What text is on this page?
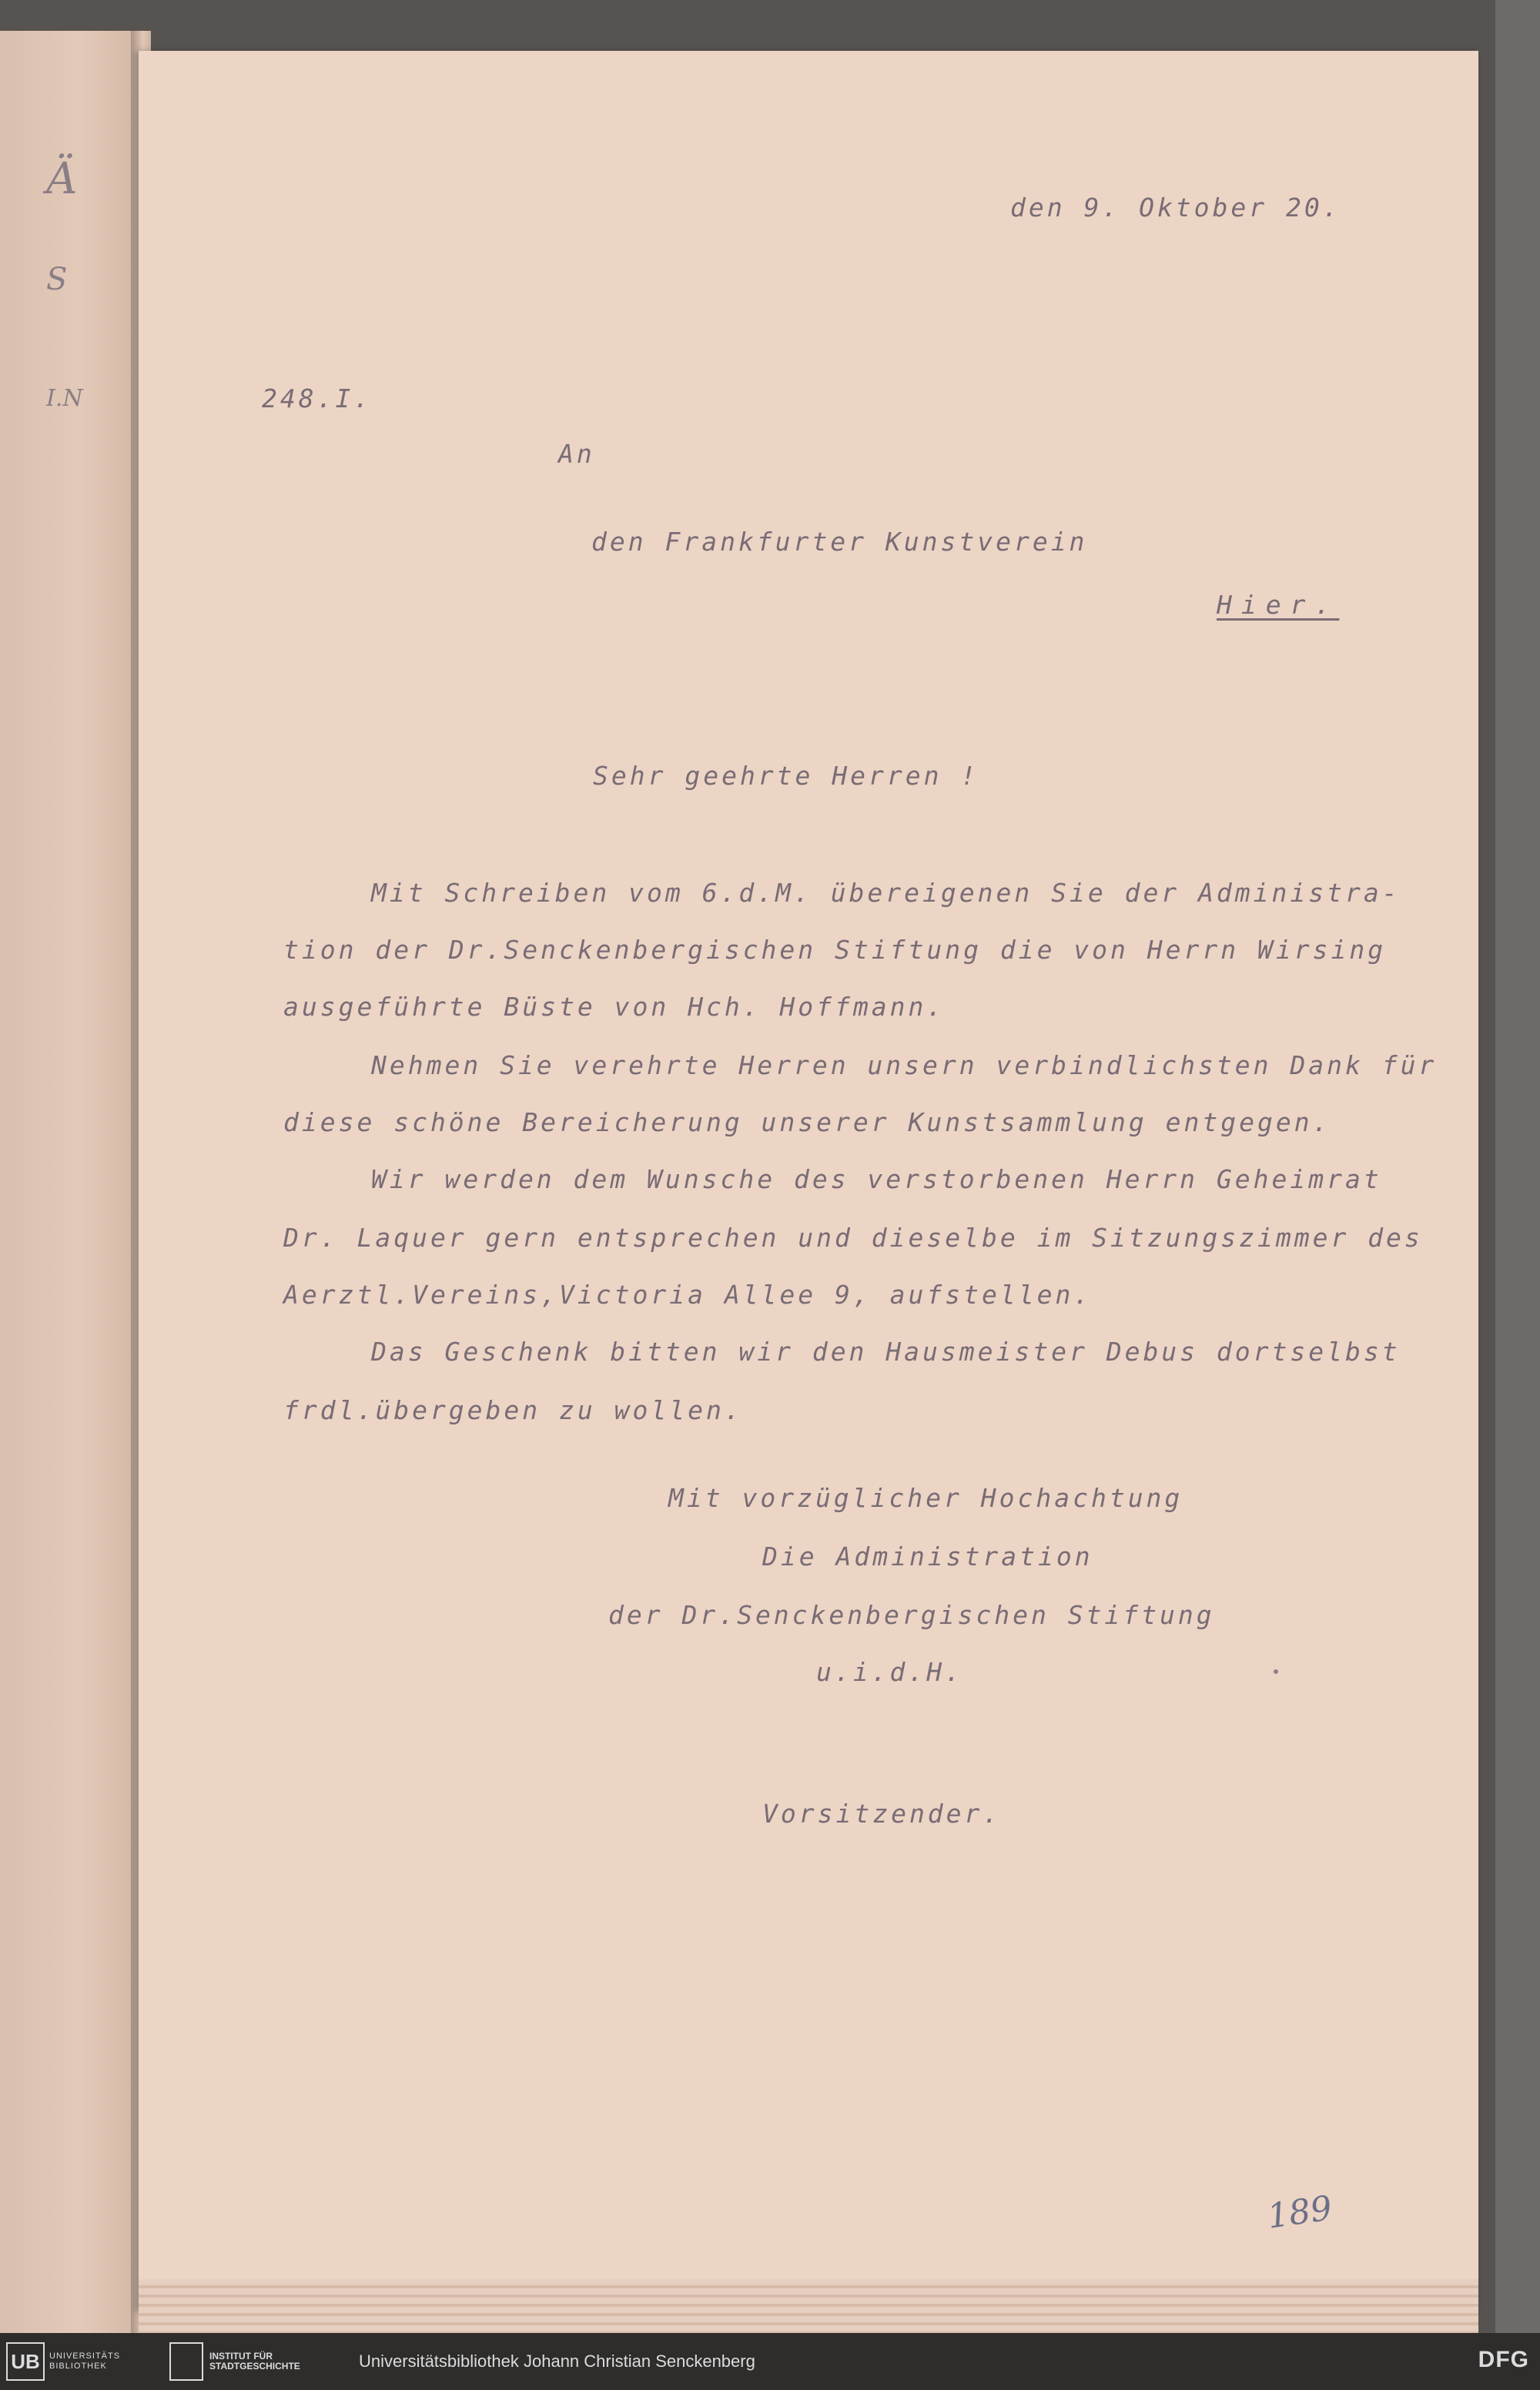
Ä
S
I.N
den 9. Oktober 20.
248.I.
An
den Frankfurter Kunstverein
Hier.
Sehr geehrte Herren !
Mit Schreiben vom 6.d.M. übereigenen Sie der Administra-
tion der Dr.Senckenbergischen Stiftung die von Herrn Wirsing
ausgeführte Büste von Hch. Hoffmann.
Nehmen Sie verehrte Herren unsern verbindlichsten Dank für
diese schöne Bereicherung unserer Kunstsammlung entgegen.
Wir werden dem Wunsche des verstorbenen Herrn Geheimrat
Dr. Laquer gern entsprechen und dieselbe im Sitzungszimmer des
Aerztl.Vereins,Victoria Allee 9, aufstellen.
Das Geschenk bitten wir den Hausmeister Debus dortselbst
frdl.übergeben zu wollen.
Mit vorzüglicher Hochachtung
Die Administration
der Dr.Senckenbergischen Stiftung
u.i.d.H.
Vorsitzender.
189
UB	UNIVERSITÄTS BIBLIOTHEK
INSTITUT FÜR STADTGESCHICHTE	Universitätsbibliothek Johann Christian Senckenberg	DFG
